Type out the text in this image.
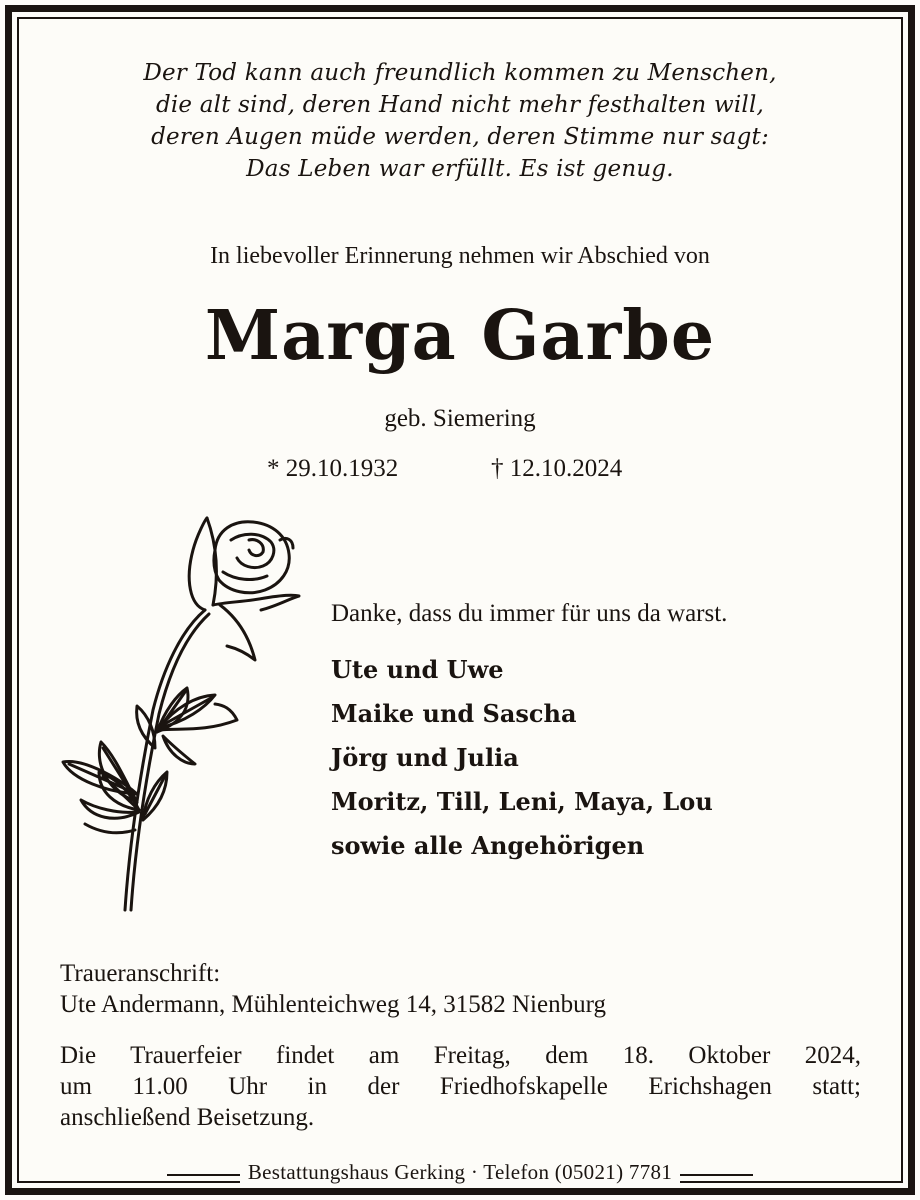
Der Tod kann auch freundlich kommen zu Menschen,
die alt sind, deren Hand nicht mehr festhalten will,
deren Augen müde werden, deren Stimme nur sagt:
Das Leben war erfüllt. Es ist genug.
In liebevoller Erinnerung nehmen wir Abschied von
Marga Garbe
geb. Siemering
* 29.10.1932	† 12.10.2024
Danke, dass du immer für uns da warst.
Ute und Uwe
Maike und Sascha
Jörg und Julia
Moritz, Till, Leni, Maya, Lou
sowie alle Angehörigen
Traueranschrift:
Ute Andermann, Mühlenteichweg 14, 31582 Nienburg
Die Trauerfeier findet am Freitag, dem 18. Oktober 2024,
um 11.00 Uhr in der Friedhofskapelle Erichshagen statt;
anschließend Beisetzung.
Bestattungshaus Gerking · Telefon (05021) 7781
